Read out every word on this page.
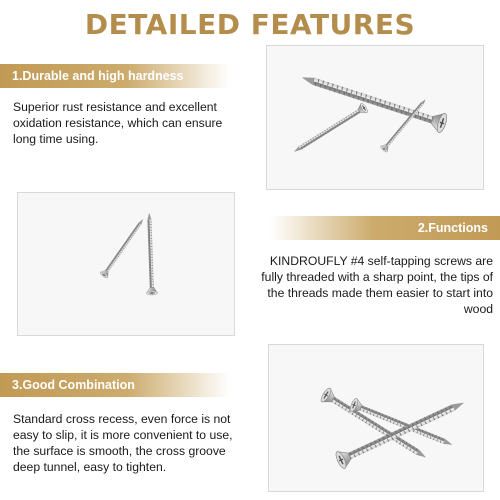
DETAILED FEATURES
1.Durable and high hardness
Superior rust resistance and excellent oxidation resistance, which can ensure long time using.
2.Functions
KINDROUFLY #4 self-tapping screws are fully threaded with a sharp point, the tips of the threads made them easier to start into wood
3.Good Combination
Standard cross recess, even force is not easy to slip, it is more convenient to use, the surface is smooth, the cross groove deep tunnel, easy to tighten.
